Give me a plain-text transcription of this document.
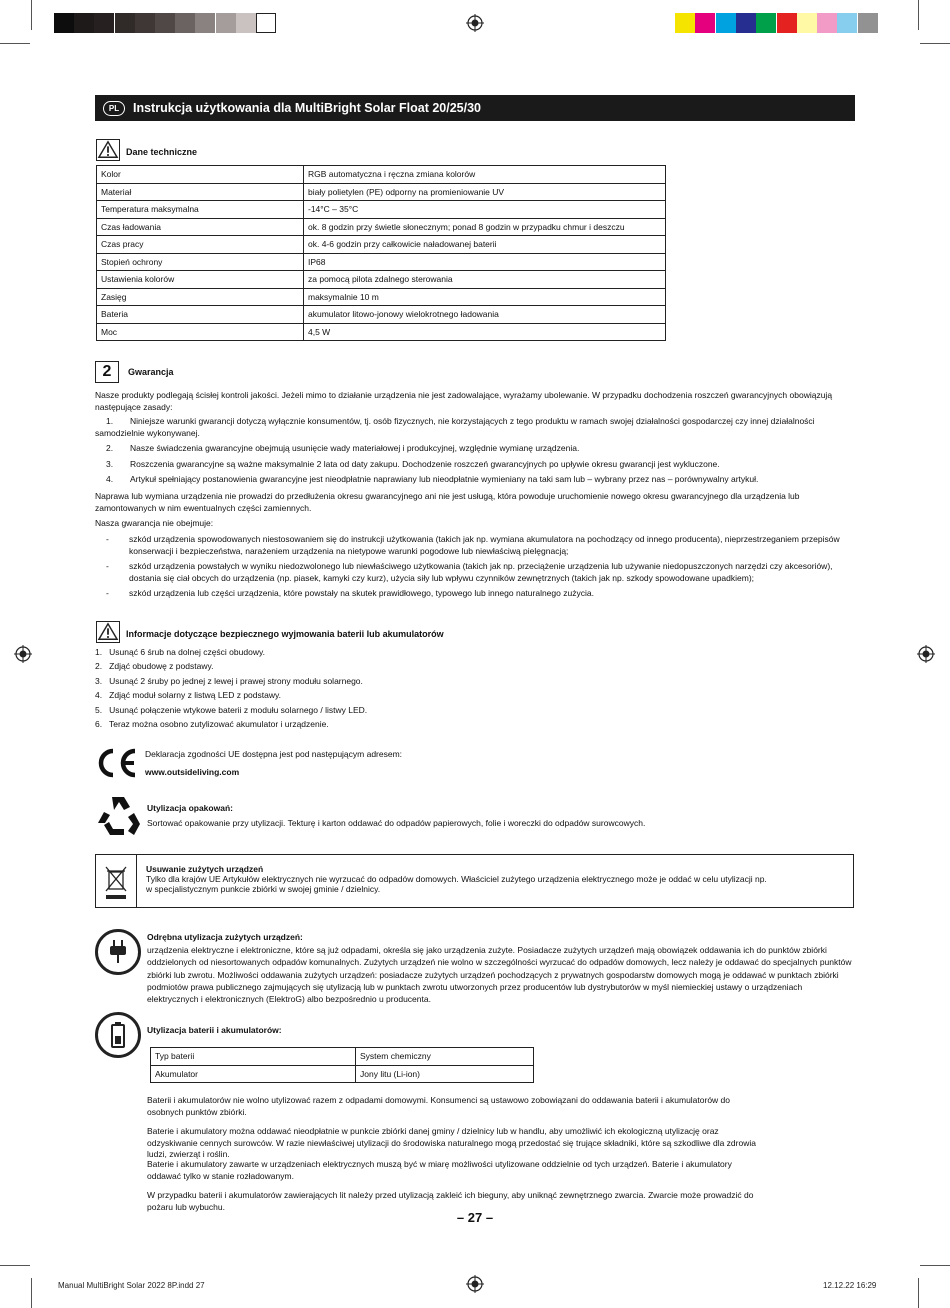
PL	Instrukcja użytkowania dla MultiBright Solar Float 20/25/30
Dane techniczne
Kolor	RGB automatyczna i ręczna zmiana kolorów
Materiał	biały polietylen (PE) odporny na promieniowanie UV
Temperatura maksymalna	-14°C – 35°C
Czas ładowania	ok. 8 godzin przy świetle słonecznym; ponad 8 godzin w przypadku chmur i deszczu
Czas pracy	ok. 4-6 godzin przy całkowicie naładowanej baterii
Stopień ochrony	IP68
Ustawienia kolorów	za pomocą pilota zdalnego sterowania
Zasięg	maksymalnie 10 m
Bateria	akumulator litowo-jonowy wielokrotnego ładowania
Moc	4,5 W
2	Gwarancja
Nasze produkty podlegają ścisłej kontroli jakości. Jeżeli mimo to działanie urządzenia nie jest zadowalające, wyrażamy ubolewanie. W przypadku dochodzenia roszczeń gwarancyjnych obowiązują następujące zasady:
1.	Niniejsze warunki gwarancji dotyczą wyłącznie konsumentów, tj. osób fizycznych, nie korzystających z tego produktu w ramach swojej działalności gospodarczej czy innej działalności samodzielnie wykonywanej.
2.	Nasze świadczenia gwarancyjne obejmują usunięcie wady materiałowej i produkcyjnej, względnie wymianę urządzenia.
3.	Roszczenia gwarancyjne są ważne maksymalnie 2 lata od daty zakupu. Dochodzenie roszczeń gwarancyjnych po upływie okresu gwarancji jest wykluczone.
4.	Artykuł spełniający postanowienia gwarancyjne jest nieodpłatnie naprawiany lub nieodpłatnie wymieniany na taki sam lub – wybrany przez nas – porównywalny artykuł.
Naprawa lub wymiana urządzenia nie prowadzi do przedłużenia okresu gwarancyjnego ani nie jest usługą, która powoduje uruchomienie nowego okresu gwarancyjnego dla urządzenia lub zamontowanych w nim ewentualnych części zamiennych.
Nasza gwarancja nie obejmuje:
- szkód urządzenia spowodowanych niestosowaniem się do instrukcji użytkowania (takich jak np. wymiana akumulatora na pochodzący od innego producenta), nieprzestrzeganiem przepisów konserwacji i bezpieczeństwa, narażeniem urządzenia na nietypowe warunki pogodowe lub niewłaściwą pielęgnacją;
- szkód urządzenia powstałych w wyniku niedozwolonego lub niewłaściwego użytkowania (takich jak np. przeciążenie urządzenia lub używanie niedopuszczonych narzędzi czy akcesoriów), dostania się ciał obcych do urządzenia (np. piasek, kamyki czy kurz), użycia siły lub wpływu czynników zewnętrznych (takich jak np. szkody spowodowane upadkiem);
- szkód urządzenia lub części urządzenia, które powstały na skutek prawidłowego, typowego lub innego naturalnego zużycia.
Informacje dotyczące bezpiecznego wyjmowania baterii lub akumulatorów
1.   Usunąć 6 śrub na dolnej części obudowy.
2.   Zdjąć obudowę z podstawy.
3.   Usunąć 2 śruby po jednej z lewej i prawej strony modułu solarnego.
4.   Zdjąć moduł solarny z listwą LED z podstawy.
5.   Usunąć połączenie wtykowe baterii z modułu solarnego / listwy LED.
6.   Teraz można osobno zutylizować akumulator i urządzenie.
Deklaracja zgodności UE dostępna jest pod następującym adresem:
www.outsideliving.com
Utylizacja opakowań:
Sortować opakowanie przy utylizacji. Tekturę i karton oddawać do odpadów papierowych, folie i woreczki do odpadów surowcowych.
Usuwanie zużytych urządzeń
Tylko dla krajów UE Artykułów elektrycznych nie wyrzucać do odpadów domowych. Właściciel zużytego urządzenia elektrycznego może je oddać w celu utylizacji np.
w specjalistycznym punkcie zbiórki w swojej gminie / dzielnicy.
Odrębna utylizacja zużytych urządzeń:
urządzenia elektryczne i elektroniczne, które są już odpadami, określa się jako urządzenia zużyte. Posiadacze zużytych urządzeń mają obowiązek oddawania ich do punktów zbiórki oddzielonych od niesortowanych odpadów komunalnych. Zużytych urządzeń nie wolno w szczególności wyrzucać do odpadów domowych, lecz należy je oddawać do specjalnych punktów zbiórki lub zwrotu. Możliwości oddawania zużytych urządzeń: posiadacze zużytych urządzeń pochodzących z prywatnych gospodarstw domowych mogą je oddawać w punktach zbiórki podmiotów prawa publicznego zajmujących się utylizacją lub w punktach zwrotu utworzonych przez producentów lub dystrybutorów w myśl niemieckiej ustawy o urządzeniach elektrycznych i elektronicznych (ElektroG) albo bezpośrednio u producenta.
Utylizacja baterii i akumulatorów:
Typ baterii	System chemiczny
Akumulator	Jony litu (Li-ion)
Baterii i akumulatorów nie wolno utylizować razem z odpadami domowymi. Konsumenci są ustawowo zobowiązani do oddawania baterii i akumulatorów do osobnych punktów zbiórki.
Baterie i akumulatory można oddawać nieodpłatnie w punkcie zbiórki danej gminy / dzielnicy lub w handlu, aby umożliwić ich ekologiczną utylizację oraz odzyskiwanie cennych surowców. W razie niewłaściwej utylizacji do środowiska naturalnego mogą przedostać się trujące składniki, które są szkodliwe dla zdrowia ludzi, zwierząt i roślin.
Baterie i akumulatory zawarte w urządzeniach elektrycznych muszą być w miarę możliwości utylizowane oddzielnie od tych urządzeń. Baterie i akumulatory oddawać tylko w stanie rozładowanym.
W przypadku baterii i akumulatorów zawierających lit należy przed utylizacją zakleić ich bieguny, aby uniknąć zewnętrznego zwarcia. Zwarcie może prowadzić do pożaru lub wybuchu.
– 27 –
Manual MultiBright Solar 2022 8P.indd 27	12.12.22 16:29
